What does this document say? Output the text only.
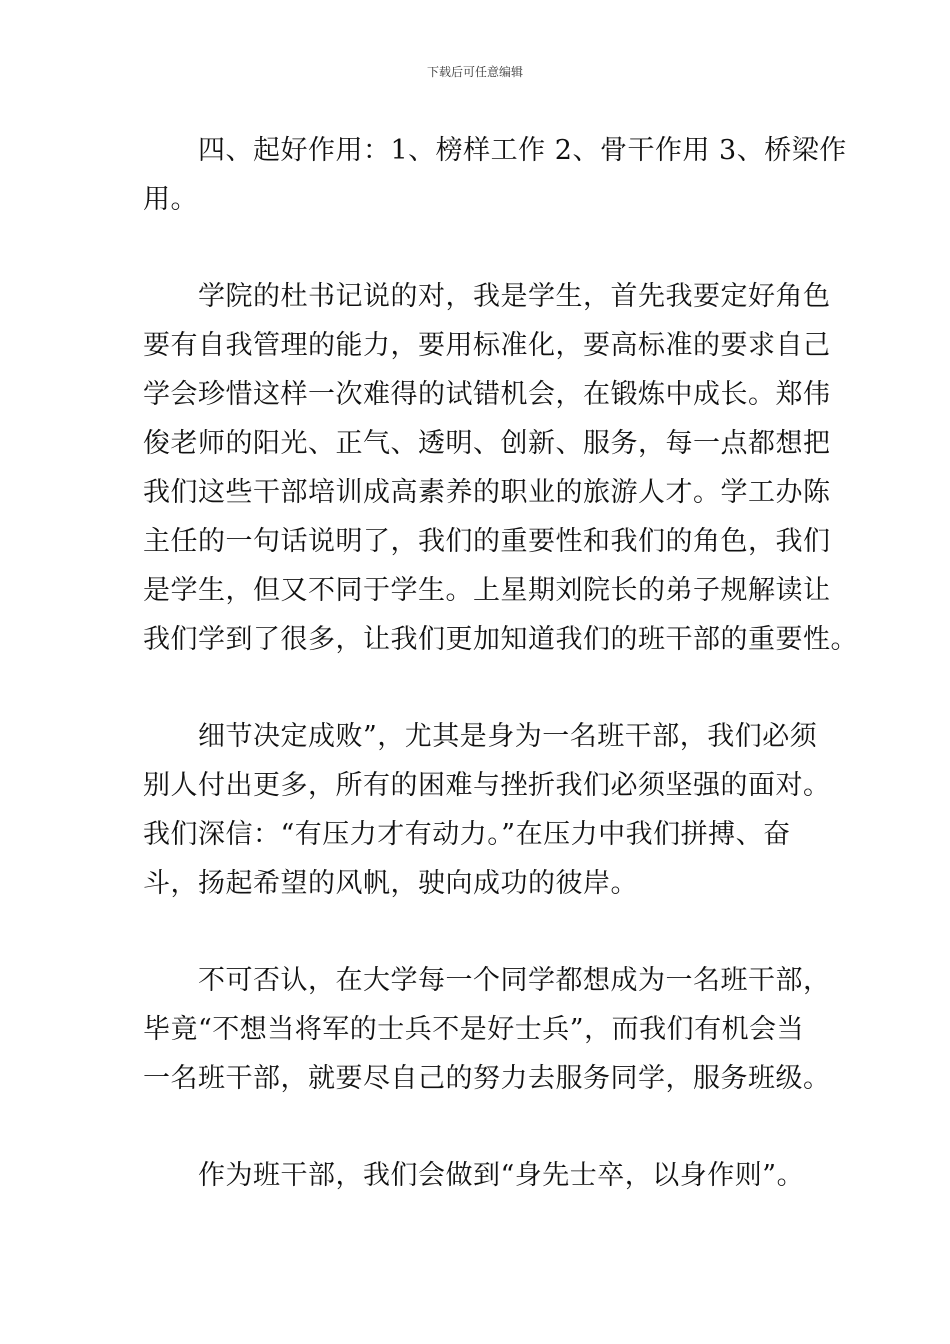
下载后可任意编辑

四、起好作用：1、榜样工作 2、骨干作用 3、桥梁作
用。

学院的杜书记说的对，我是学生，首先我要定好角色
要有自我管理的能力，要用标准化，要高标准的要求自己
学会珍惜这样一次难得的试错机会，在锻炼中成长。郑伟
俊老师的阳光、正气、透明、创新、服务，每一点都想把
我们这些干部培训成高素养的职业的旅游人才。学工办陈
主任的一句话说明了，我们的重要性和我们的角色，我们
是学生，但又不同于学生。上星期刘院长的弟子规解读让
我们学到了很多，让我们更加知道我们的班干部的重要性。

细节决定成败”，尤其是身为一名班干部，我们必须
别人付出更多，所有的困难与挫折我们必须坚强的面对。
我们深信：“有压力才有动力。”在压力中我们拼搏、奋
斗，扬起希望的风帆，驶向成功的彼岸。

不可否认，在大学每一个同学都想成为一名班干部，
毕竟“不想当将军的士兵不是好士兵”，而我们有机会当
一名班干部，就要尽自己的努力去服务同学，服务班级。

作为班干部，我们会做到“身先士卒，以身作则”。
